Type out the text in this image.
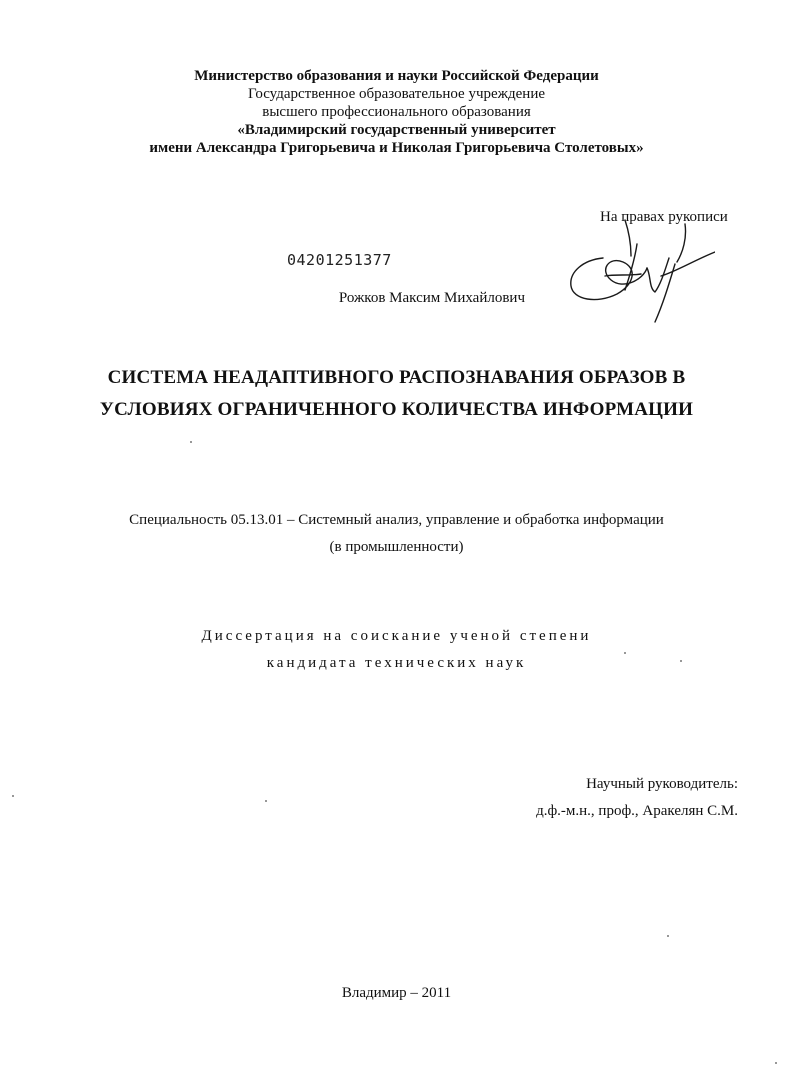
Министерство образования и науки Российской Федерации

Государственное образовательное учреждение

высшего профессионального образования

«Владимирский государственный университет

имени Александра Григорьевича и Николая Григорьевича Столетовых»

На правах рукописи

04201251377

Рожков Максим Михайлович

СИСТЕМА НЕАДАПТИВНОГО РАСПОЗНАВАНИЯ ОБРАЗОВ В

УСЛОВИЯХ ОГРАНИЧЕННОГО КОЛИЧЕСТВА ИНФОРМАЦИИ

Специальность 05.13.01 – Системный анализ, управление и обработка информации

(в промышленности)

Диссертация на соискание ученой степени

кандидата технических наук

Научный руководитель:

д.ф.-м.н., проф., Аракелян С.М.

Владимир – 2011
